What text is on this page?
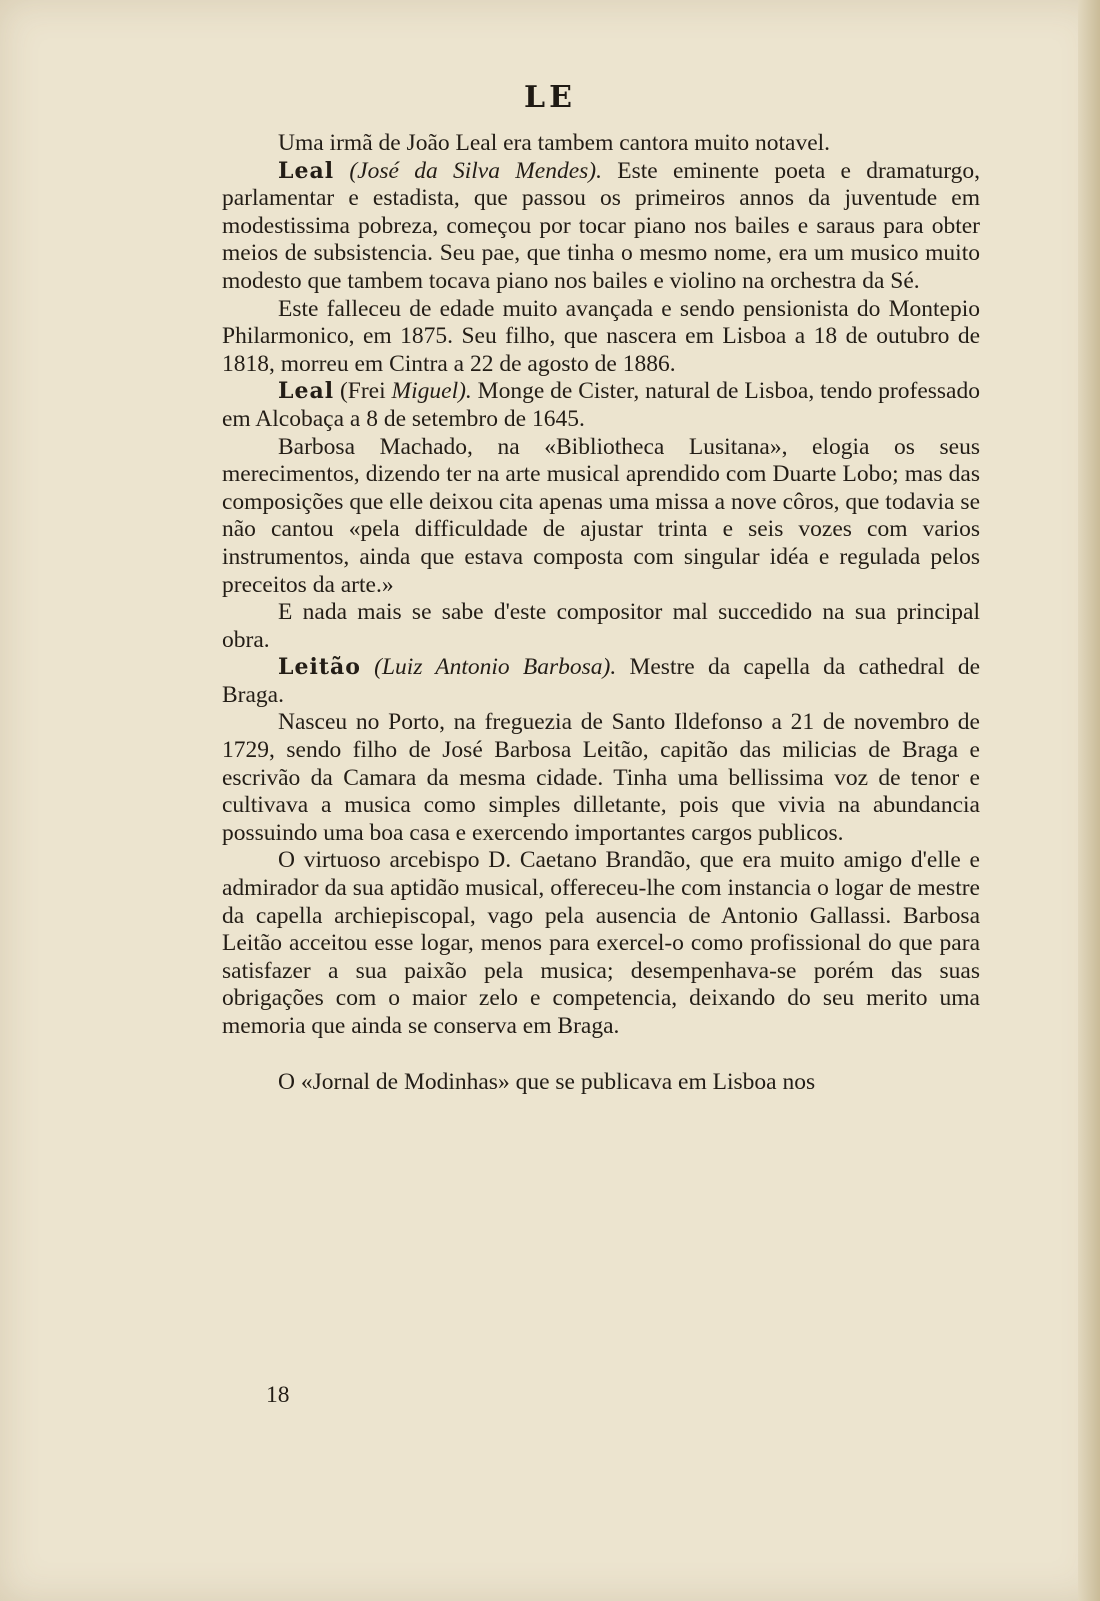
LE

Uma irmã de João Leal era tambem cantora muito notavel.

Leal (José da Silva Mendes). Este eminente poeta e dramaturgo, parlamentar e estadista, que passou os primeiros annos da juventude em modestissima pobreza, começou por tocar piano nos bailes e saraus para obter meios de subsistencia. Seu pae, que tinha o mesmo nome, era um musico muito modesto que tambem tocava piano nos bailes e violino na orchestra da Sé.

Este falleceu de edade muito avançada e sendo pensionista do Montepio Philarmonico, em 1875. Seu filho, que nascera em Lisboa a 18 de outubro de 1818, morreu em Cintra a 22 de agosto de 1886.

Leal (Frei Miguel). Monge de Cister, natural de Lisboa, tendo professado em Alcobaça a 8 de setembro de 1645.

Barbosa Machado, na «Bibliotheca Lusitana», elogia os seus merecimentos, dizendo ter na arte musical aprendido com Duarte Lobo; mas das composições que elle deixou cita apenas uma missa a nove côros, que todavia se não cantou «pela difficuldade de ajustar trinta e seis vozes com varios instrumentos, ainda que estava composta com singular idéa e regulada pelos preceitos da arte.»

E nada mais se sabe d'este compositor mal succedido na sua principal obra.

Leitão (Luiz Antonio Barbosa). Mestre da capella da cathedral de Braga.

Nasceu no Porto, na freguezia de Santo Ildefonso a 21 de novembro de 1729, sendo filho de José Barbosa Leitão, capitão das milicias de Braga e escrivão da Camara da mesma cidade. Tinha uma bellissima voz de tenor e cultivava a musica como simples dilletante, pois que vivia na abundancia possuindo uma boa casa e exercendo importantes cargos publicos.

O virtuoso arcebispo D. Caetano Brandão, que era muito amigo d'elle e admirador da sua aptidão musical, offereceu-lhe com instancia o logar de mestre da capella archiepiscopal, vago pela ausencia de Antonio Gallassi. Barbosa Leitão acceitou esse logar, menos para exercel-o como profissional do que para satisfazer a sua paixão pela musica; desempenhava-se porém das suas obrigações com o maior zelo e competencia, deixando do seu merito uma memoria que ainda se conserva em Braga.

O «Jornal de Modinhas» que se publicava em Lisboa nos

18
